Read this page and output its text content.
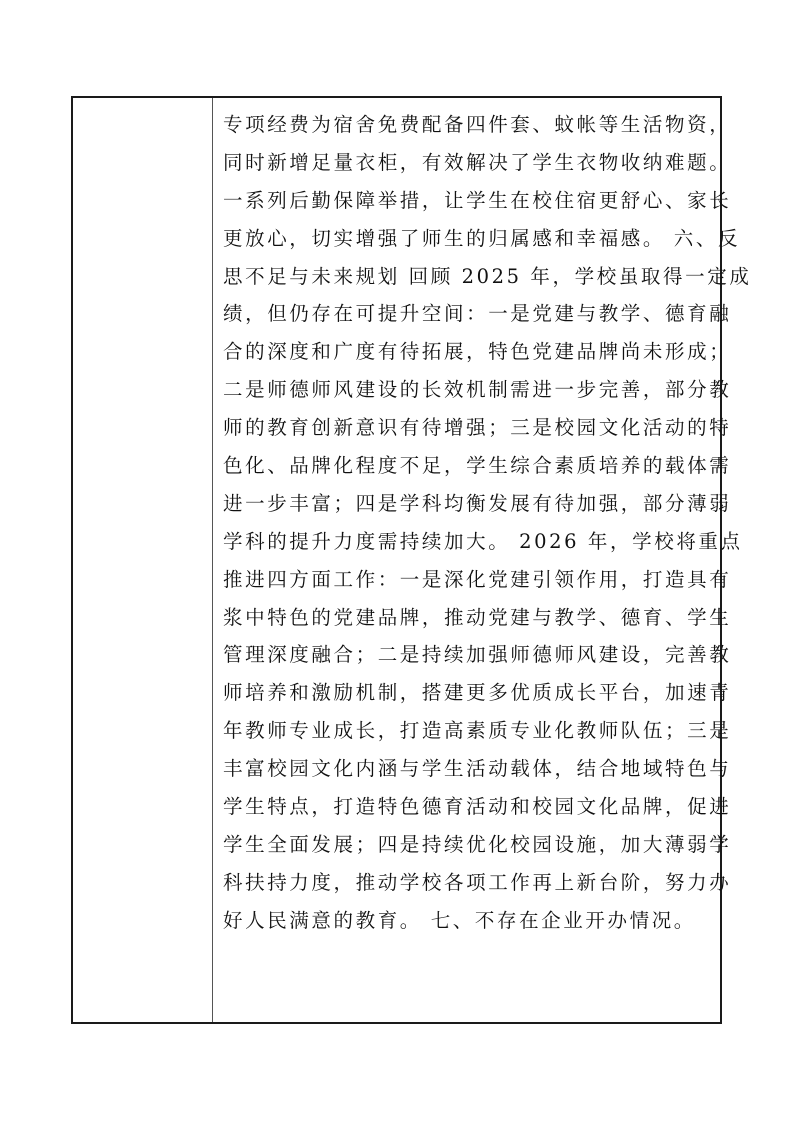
专项经费为宿舍免费配备四件套、蚊帐等生活物资，
同时新增足量衣柜，有效解决了学生衣物收纳难题。
一系列后勤保障举措，让学生在校住宿更舒心、家长
更放心，切实增强了师生的归属感和幸福感。 六、反
思不足与未来规划 回顾 2025 年，学校虽取得一定成
绩，但仍存在可提升空间：一是党建与教学、德育融
合的深度和广度有待拓展，特色党建品牌尚未形成；
二是师德师风建设的长效机制需进一步完善，部分教
师的教育创新意识有待增强；三是校园文化活动的特
色化、品牌化程度不足，学生综合素质培养的载体需
进一步丰富；四是学科均衡发展有待加强，部分薄弱
学科的提升力度需持续加大。 2026 年，学校将重点
推进四方面工作：一是深化党建引领作用，打造具有
浆中特色的党建品牌，推动党建与教学、德育、学生
管理深度融合；二是持续加强师德师风建设，完善教
师培养和激励机制，搭建更多优质成长平台，加速青
年教师专业成长，打造高素质专业化教师队伍；三是
丰富校园文化内涵与学生活动载体，结合地域特色与
学生特点，打造特色德育活动和校园文化品牌，促进
学生全面发展；四是持续优化校园设施，加大薄弱学
科扶持力度，推动学校各项工作再上新台阶，努力办
好人民满意的教育。 七、不存在企业开办情况。
